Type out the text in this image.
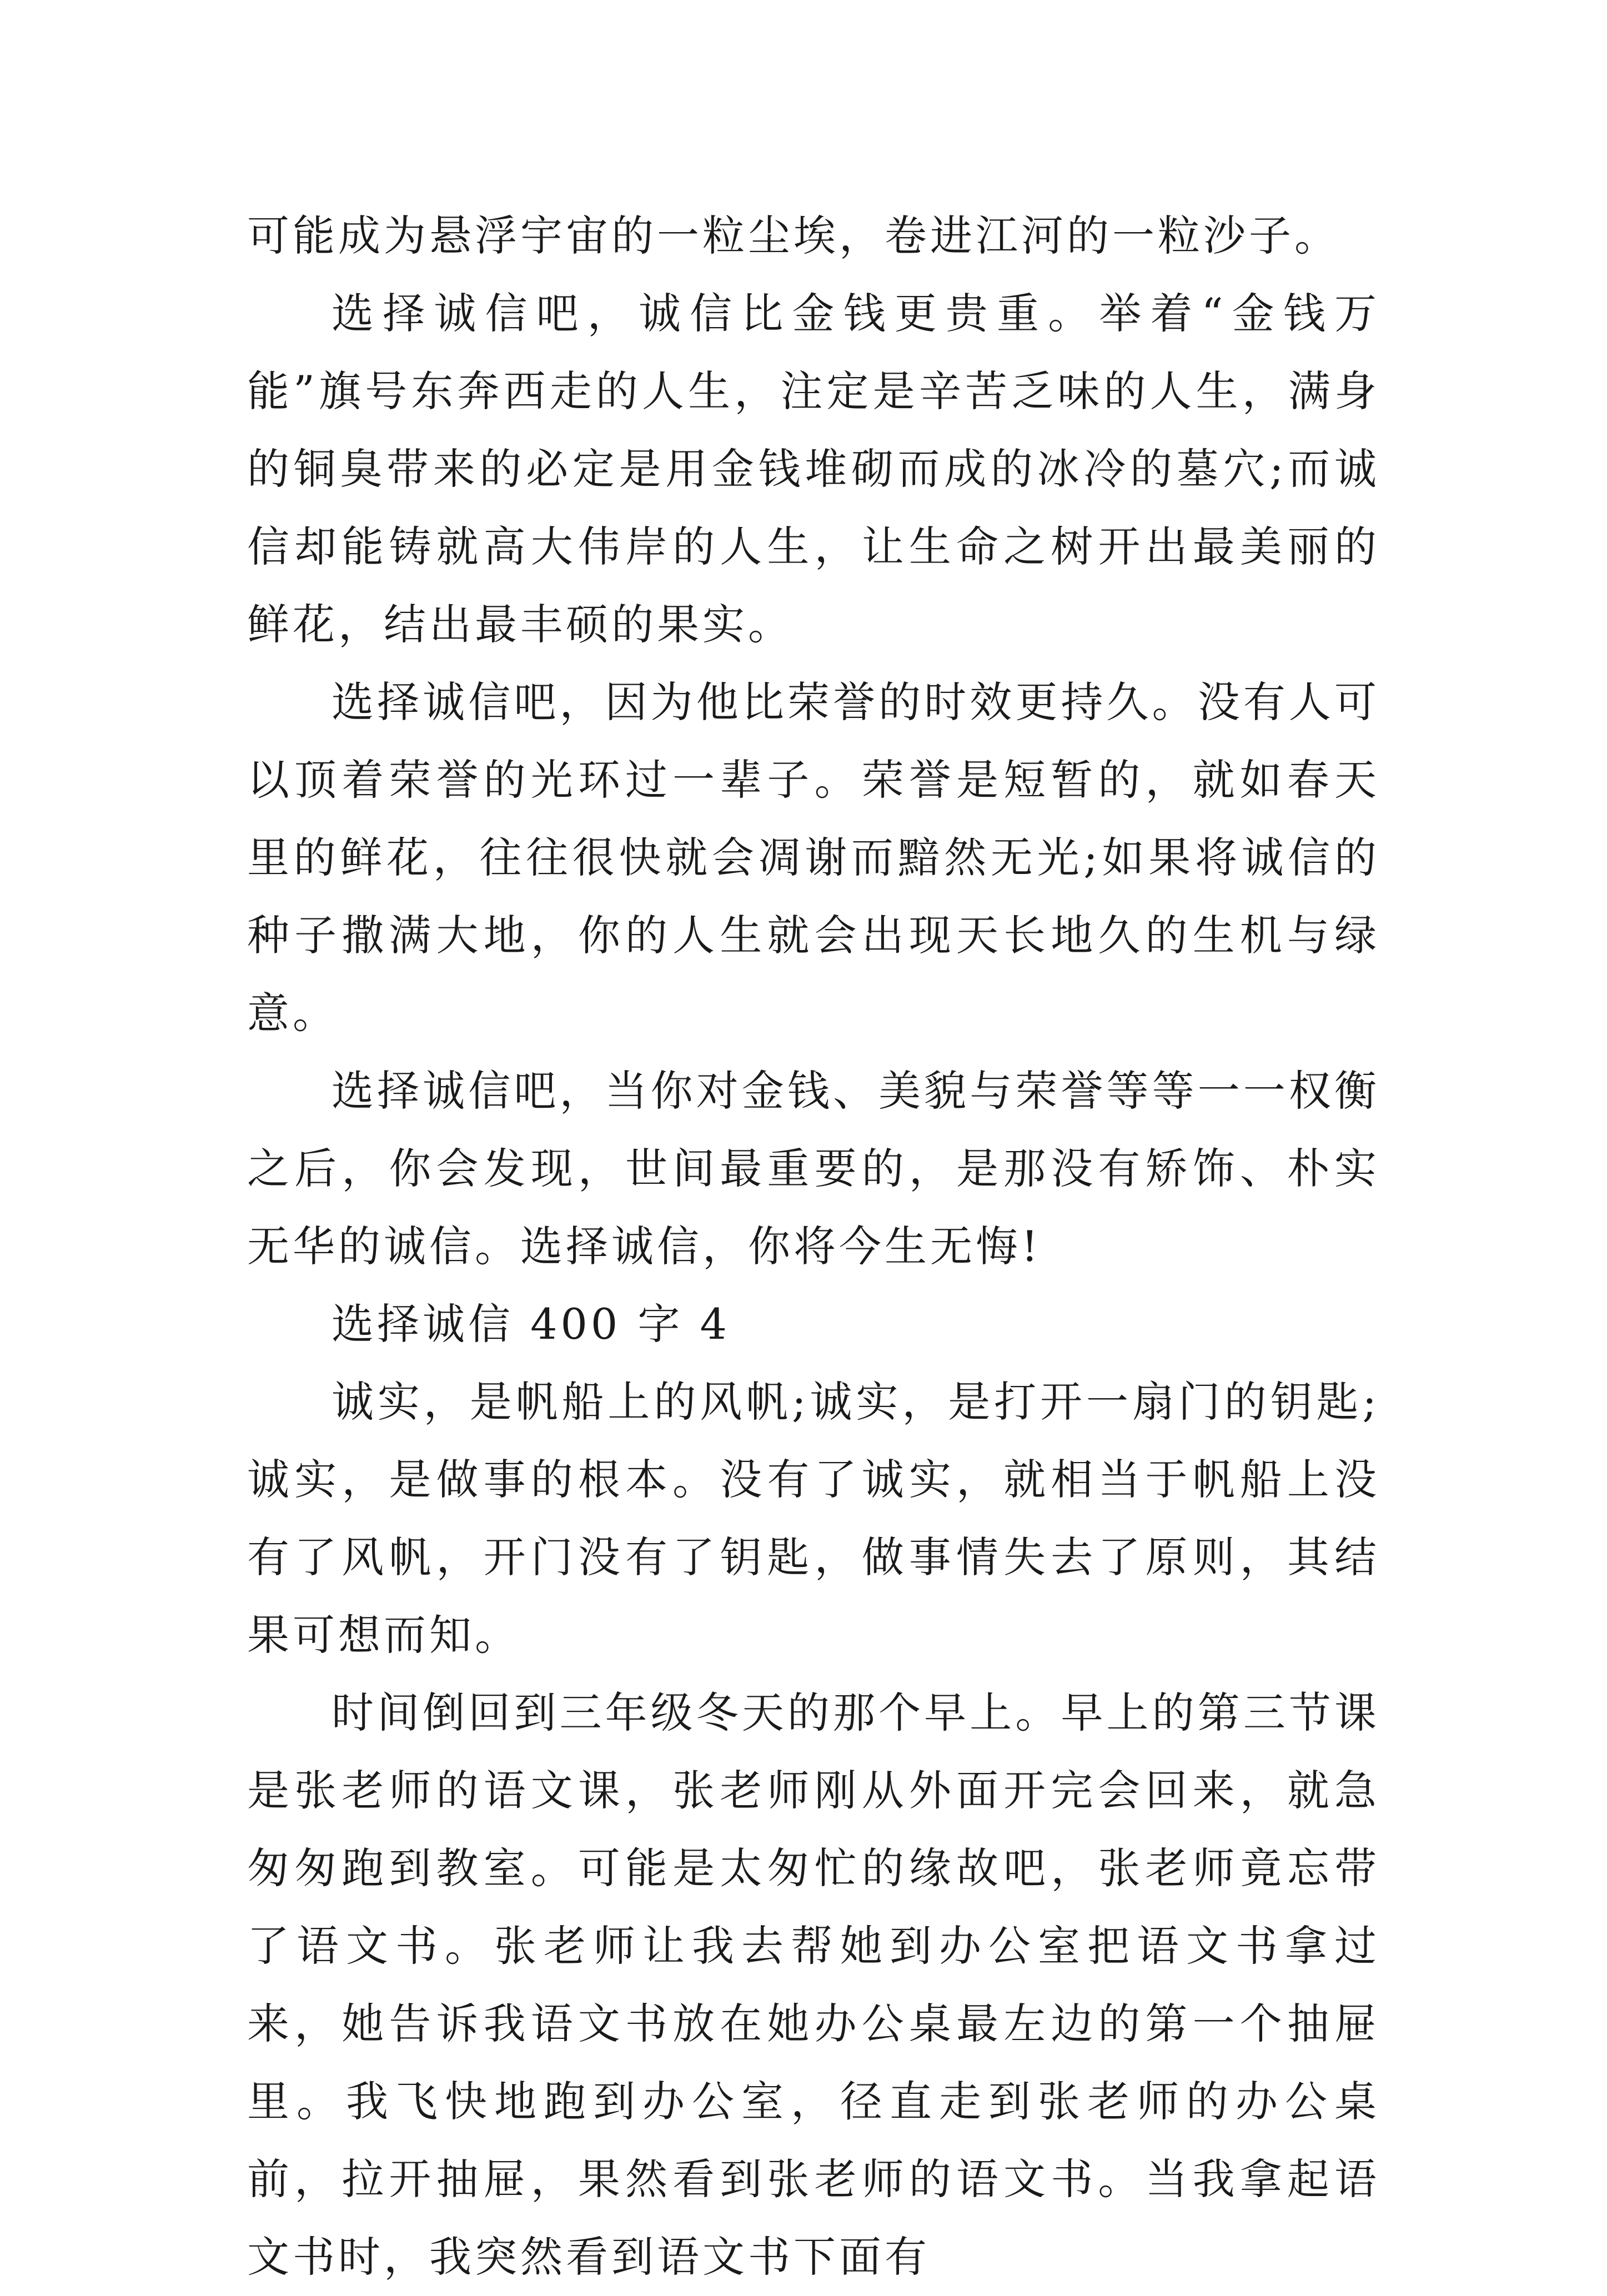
可能成为悬浮宇宙的一粒尘埃，卷进江河的一粒沙子。

选择诚信吧，诚信比金钱更贵重。举着“金钱万能”旗号东奔西走的人生，注定是辛苦乏味的人生，满身的铜臭带来的必定是用金钱堆砌而成的冰冷的墓穴;而诚信却能铸就高大伟岸的人生，让生命之树开出最美丽的鲜花，结出最丰硕的果实。

选择诚信吧，因为他比荣誉的时效更持久。没有人可以顶着荣誉的光环过一辈子。荣誉是短暂的，就如春天里的鲜花，往往很快就会凋谢而黯然无光;如果将诚信的种子撒满大地，你的人生就会出现天长地久的生机与绿意。

选择诚信吧，当你对金钱、美貌与荣誉等等一一权衡之后，你会发现，世间最重要的，是那没有矫饰、朴实无华的诚信。选择诚信，你将今生无悔!

选择诚信 400 字 4

诚实，是帆船上的风帆;诚实，是打开一扇门的钥匙;诚实，是做事的根本。没有了诚实，就相当于帆船上没有了风帆，开门没有了钥匙，做事情失去了原则，其结果可想而知。

时间倒回到三年级冬天的那个早上。早上的第三节课是张老师的语文课，张老师刚从外面开完会回来，就急匆匆跑到教室。可能是太匆忙的缘故吧，张老师竟忘带了语文书。张老师让我去帮她到办公室把语文书拿过来，她告诉我语文书放在她办公桌最左边的第一个抽屉里。我飞快地跑到办公室，径直走到张老师的办公桌前，拉开抽屉，果然看到张老师的语文书。当我拿起语文书时，我突然看到语文书下面有
